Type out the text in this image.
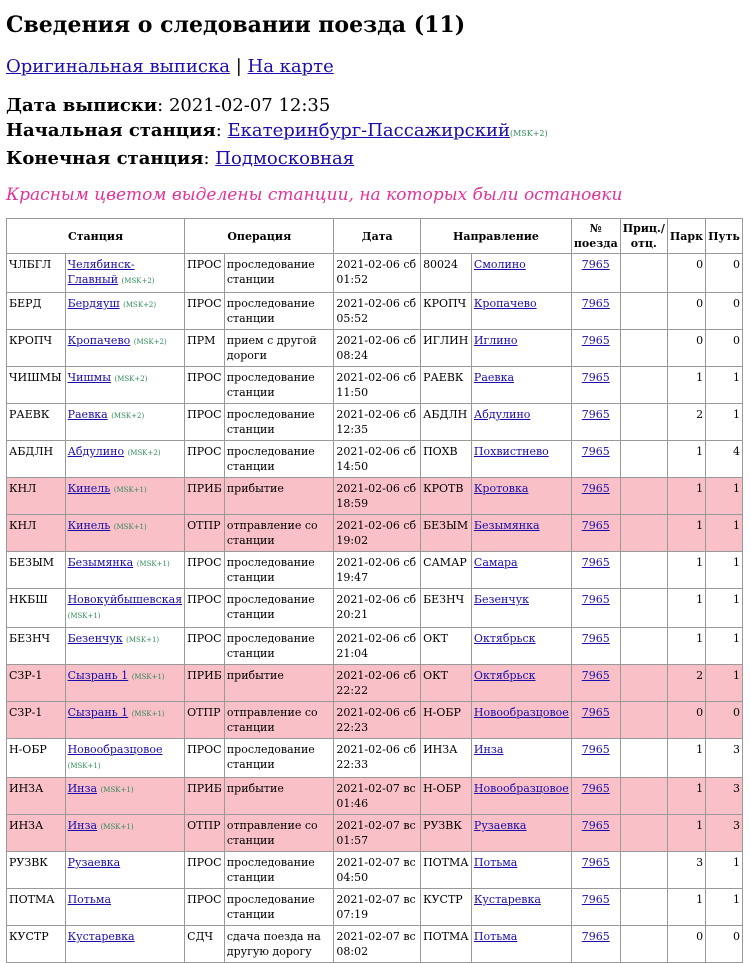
Сведения о следовании поезда (11)
Оригинальная выписка | На карте
Дата выписки: 2021-02-07 12:35
Начальная станция: Екатеринбург-Пассажирский(MSK+2)
Конечная станция: Подмосковная
Красным цветом выделены станции, на которых были остановки
Станция		Операция		Дата	Направление		№ поезда	Приц./отц.	Парк	Путь
ЧЛБГЛ	Челябинск-Главный (MSK+2)	ПРОС	проследование станции	2021-02-06 сб 01:52	80024	Смолино	7965		0	0
БЕРД	Бердяуш (MSK+2)	ПРОС	проследование станции	2021-02-06 сб 05:52	КРОПЧ	Кропачево	7965		0	0
КРОПЧ	Кропачево (MSK+2)	ПРМ	прием с другой дороги	2021-02-06 сб 08:24	ИГЛИН	Иглино	7965		0	0
ЧИШМЫ	Чишмы (MSK+2)	ПРОС	проследование станции	2021-02-06 сб 11:50	РАЕВК	Раевка	7965		1	1
РАЕВК	Раевка (MSK+2)	ПРОС	проследование станции	2021-02-06 сб 12:35	АБДЛН	Абдулино	7965		2	1
АБДЛН	Абдулино (MSK+2)	ПРОС	проследование станции	2021-02-06 сб 14:50	ПОХВ	Похвистнево	7965		1	4
КНЛ	Кинель (MSK+1)	ПРИБ	прибытие	2021-02-06 сб 18:59	КРОТВ	Кротовка	7965		1	1
КНЛ	Кинель (MSK+1)	ОТПР	отправление со станции	2021-02-06 сб 19:02	БЕЗЫМ	Безымянка	7965		1	1
БЕЗЫМ	Безымянка (MSK+1)	ПРОС	проследование станции	2021-02-06 сб 19:47	САМАР	Самара	7965		1	1
НКБШ	Новокуйбышевская (MSK+1)	ПРОС	проследование станции	2021-02-06 сб 20:21	БЕЗНЧ	Безенчук	7965		1	1
БЕЗНЧ	Безенчук (MSK+1)	ПРОС	проследование станции	2021-02-06 сб 21:04	ОКТ	Октябрьск	7965		1	1
СЗР-1	Сызрань 1 (MSK+1)	ПРИБ	прибытие	2021-02-06 сб 22:22	ОКТ	Октябрьск	7965		2	1
СЗР-1	Сызрань 1 (MSK+1)	ОТПР	отправление со станции	2021-02-06 сб 22:23	Н-ОБР	Новообразцовое	7965		0	0
Н-ОБР	Новообразцовое (MSK+1)	ПРОС	проследование станции	2021-02-06 сб 22:33	ИНЗА	Инза	7965		1	3
ИНЗА	Инза (MSK+1)	ПРИБ	прибытие	2021-02-07 вс 01:46	Н-ОБР	Новообразцовое	7965		1	3
ИНЗА	Инза (MSK+1)	ОТПР	отправление со станции	2021-02-07 вс 01:57	РУЗВК	Рузаевка	7965		1	3
РУЗВК	Рузаевка	ПРОС	проследование станции	2021-02-07 вс 04:50	ПОТМА	Потьма	7965		3	1
ПОТМА	Потьма	ПРОС	проследование станции	2021-02-07 вс 07:19	КУСТР	Кустаревка	7965		1	1
КУСТР	Кустаревка	СДЧ	сдача поезда на другую дорогу	2021-02-07 вс 08:02	ПОТМА	Потьма	7965		0	0
